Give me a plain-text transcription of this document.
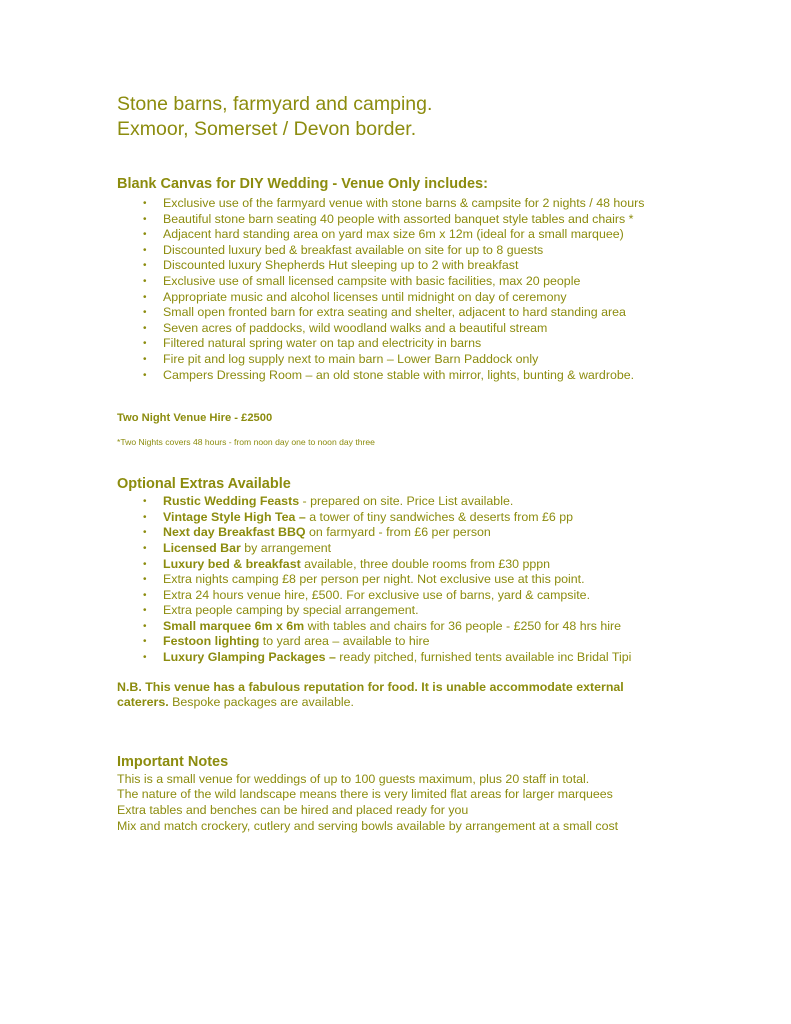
Stone barns, farmyard and camping.
Exmoor, Somerset / Devon border.
Blank Canvas for DIY Wedding - Venue Only includes:
• Exclusive use of the farmyard venue with stone barns & campsite for 2 nights / 48 hours
• Beautiful stone barn seating 40 people with assorted banquet style tables and chairs *
• Adjacent hard standing area on yard max size 6m x 12m (ideal for a small marquee)
• Discounted luxury bed & breakfast available on site for up to 8 guests
• Discounted luxury Shepherds Hut sleeping up to 2 with breakfast
• Exclusive use of small licensed campsite with basic facilities, max 20 people
• Appropriate music and alcohol licenses until midnight on day of ceremony
• Small open fronted barn for extra seating and shelter, adjacent to hard standing area
• Seven acres of paddocks, wild woodland walks and a beautiful stream
• Filtered natural spring water on tap and electricity in barns
• Fire pit and log supply next to main barn – Lower Barn Paddock only
• Campers Dressing Room – an old stone stable with mirror, lights, bunting & wardrobe.

Two Night Venue Hire - £2500

*Two Nights covers 48 hours - from noon day one to noon day three

Optional Extras Available
• Rustic Wedding Feasts - prepared on site. Price List available.
• Vintage Style High Tea – a tower of tiny sandwiches & deserts from £6 pp
• Next day Breakfast BBQ on farmyard - from £6 per person
• Licensed Bar by arrangement
• Luxury bed & breakfast available, three double rooms from £30 pppn
• Extra nights camping £8 per person per night. Not exclusive use at this point.
• Extra 24 hours venue hire, £500. For exclusive use of barns, yard & campsite.
• Extra people camping by special arrangement.
• Small marquee 6m x 6m with tables and chairs for 36 people - £250 for 48 hrs hire
• Festoon lighting to yard area – available to hire
• Luxury Glamping Packages – ready pitched, furnished tents available inc Bridal Tipi

N.B. This venue has a fabulous reputation for food. It is unable accommodate external caterers. Bespoke packages are available.

Important Notes

This is a small venue for weddings of up to 100 guests maximum, plus 20 staff in total.

The nature of the wild landscape means there is very limited flat areas for larger marquees

Extra tables and benches can be hired and placed ready for you

Mix and match crockery, cutlery and serving bowls available by arrangement at a small cost
